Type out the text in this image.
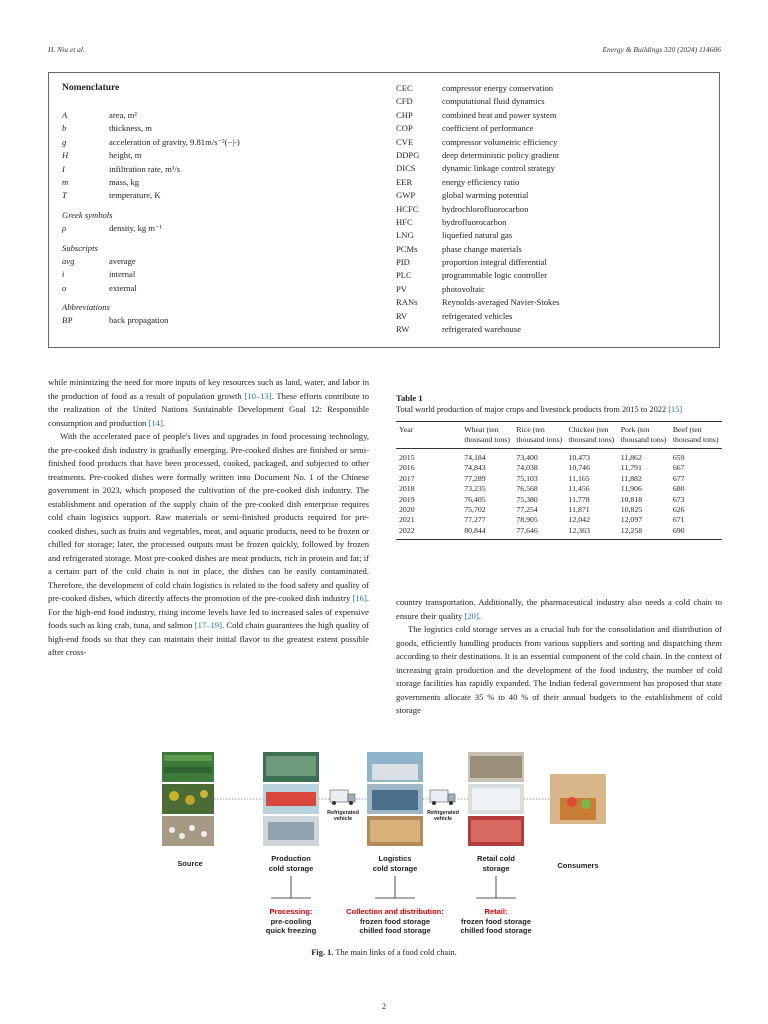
H. Niu et al.	Energy & Buildings 320 (2024) 114606
Nomenclature
A	area, m²
b	thickness, m
g	acceleration of gravity, 9.81m/s⁻²(−|-)
H	height, m
I	infiltration rate, m³/s
m	mass, kg
T	temperature, K
Greek symbols
ρ	density, kg m⁻¹
Subscripts
avg	average
i	internal
o	external
Abbreviations
BP	back propagation
CEC	compressor energy conservation
CFD	computational fluid dynamics
CHP	combined heat and power system
COP	coefficient of performance
CVE	compressor volumetric efficiency
DDPG	deep deterministic policy gradient
DICS	dynamic linkage control strategy
EER	energy efficiency ratio
GWP	global warming potential
HCFC	hydrochlorofluorocarbon
HFC	hydrofluorocarbon
LNG	liquefied natural gas
PCMs	phase change materials
PID	proportion integral differential
PLC	programmable logic controller
PV	photovoltaic
RANs	Reynolds-averaged Navier-Stokes
RV	refrigerated vehicles
RW	refrigerated warehouse

while minimizing the need for more inputs of key resources such as land, water, and labor in the production of food as a result of population growth [10–13]. These efforts contribute to the realization of the United Nations Sustainable Development Goal 12: Responsible consumption and production [14].

With the accelerated pace of people's lives and upgrades in food processing technology, the pre-cooked dish industry is gradually emerging. Pre-cooked dishes are finished or semi-finished food products that have been processed, cooked, packaged, and subjected to other treatments. Pre-cooked dishes were formally written into Document No. 1 of the Chinese government in 2023, which proposed the cultivation of the pre-cooked dish industry. The establishment and operation of the supply chain of the pre-cooked dish enterprise requires cold chain logistics support. Raw materials or semi-finished products required for pre-cooked dishes, such as fruits and vegetables, meat, and aquatic products, need to be frozen or chilled for storage; later, the processed outputs must be frozen quickly, followed by frozen and refrigerated storage. Most pre-cooked dishes are meat products, rich in protein and fat; if a certain part of the cold chain is not in place, the dishes can be easily contaminated. Therefore, the development of cold chain logistics is related to the food safety and quality of pre-cooked dishes, which directly affects the promotion of the pre-cooked dish industry [16]. For the high-end food industry, rising income levels have led to increased sales of expensive foods such as king crab, tuna, and salmon [17–19]. Cold chain guarantees the high quality of high-end foods so that they can maintain their initial flavor to the greatest extent possible after cross-

Table 1
Total world production of major crops and livestock products from 2015 to 2022 [15]
Year	Wheat (ten thousand tons)	Rice (ten thousand tons)	Chicken (ten thousand tons)	Pork (ten thousand tons)	Beef (ten thousand tons)
2015	74,184	73,400	10,473	11,862	659
2016	74,843	74,038	10,746	11,791	667
2017	77,289	75,103	11,165	11,882	677
2018	73,235	76,568	11,456	11,906	680
2019	76,405	75,380	11,778	10,818	673
2020	75,702	77,254	11,871	10,825	626
2021	77,277	78,905	12,042	12,097	671
2022	80,844	77,646	12,363	12,258	690

country transportation. Additionally, the pharmaceutical industry also needs a cold chain to ensure their quality [20].

The logistics cold storage serves as a crucial hub for the consolidation and distribution of goods, efficiently handling products from various suppliers and sorting and dispatching them according to their destinations. It is an essential component of the cold chain. In the context of increasing grain production and the development of the food industry, the number of cold storage facilities has rapidly expanded. The Indian federal government has proposed that state governments allocate 35 % to 40 % of their annual budgets to the establishment of cold storage

Refrigerated
vehicle
Refrigerated
vehicle
Source
Production
cold storage
Logistics
cold storage
Retail cold
storage	Consumers
Processing:
pre-cooling
quick freezing
Collection and distribution:
frozen food storage
chilled food storage
Retail:
frozen food storage
chilled food storage
Fig. 1. The main links of a food cold chain.
2
